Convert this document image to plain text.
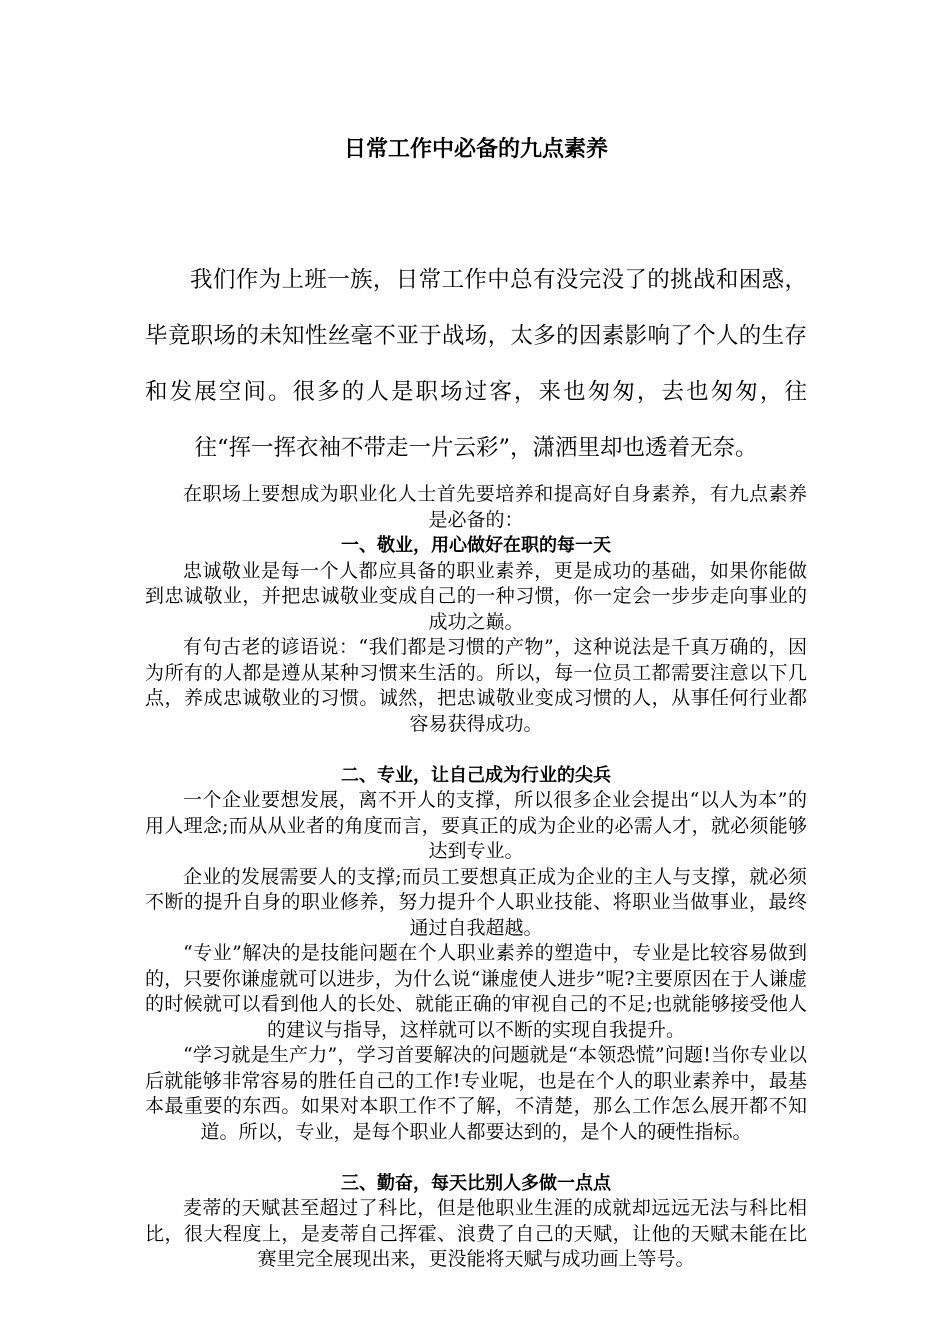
日常工作中必备的九点素养

我们作为上班一族，日常工作中总有没完没了的挑战和困惑，毕竟职场的未知性丝毫不亚于战场，太多的因素影响了个人的生存和发展空间。很多的人是职场过客，来也匆匆，去也匆匆，往往“挥一挥衣袖不带走一片云彩”，潇洒里却也透着无奈。

在职场上要想成为职业化人士首先要培养和提高好自身素养，有九点素养是必备的：

一、敬业，用心做好在职的每一天

忠诚敬业是每一个人都应具备的职业素养，更是成功的基础，如果你能做到忠诚敬业，并把忠诚敬业变成自己的一种习惯，你一定会一步步走向事业的成功之巅。

有句古老的谚语说：“我们都是习惯的产物”，这种说法是千真万确的，因为所有的人都是遵从某种习惯来生活的。所以，每一位员工都需要注意以下几点，养成忠诚敬业的习惯。诚然，把忠诚敬业变成习惯的人，从事任何行业都容易获得成功。

二、专业，让自己成为行业的尖兵

一个企业要想发展，离不开人的支撑，所以很多企业会提出“以人为本”的用人理念;而从从业者的角度而言，要真正的成为企业的必需人才，就必须能够达到专业。

企业的发展需要人的支撑;而员工要想真正成为企业的主人与支撑，就必须不断的提升自身的职业修养，努力提升个人职业技能、将职业当做事业，最终通过自我超越。

“专业”解决的是技能问题在个人职业素养的塑造中，专业是比较容易做到的，只要你谦虚就可以进步，为什么说“谦虚使人进步”呢?主要原因在于人谦虚的时候就可以看到他人的长处、就能正确的审视自己的不足;也就能够接受他人的建议与指导，这样就可以不断的实现自我提升。

“学习就是生产力”，学习首要解决的问题就是“本领恐慌”问题!当你专业以后就能够非常容易的胜任自己的工作!专业呢，也是在个人的职业素养中，最基本最重要的东西。如果对本职工作不了解，不清楚，那么工作怎么展开都不知道。所以，专业，是每个职业人都要达到的，是个人的硬性指标。

三、勤奋，每天比别人多做一点点

麦蒂的天赋甚至超过了科比，但是他职业生涯的成就却远远无法与科比相比，很大程度上，是麦蒂自己挥霍、浪费了自己的天赋，让他的天赋未能在比赛里完全展现出来，更没能将天赋与成功画上等号。
